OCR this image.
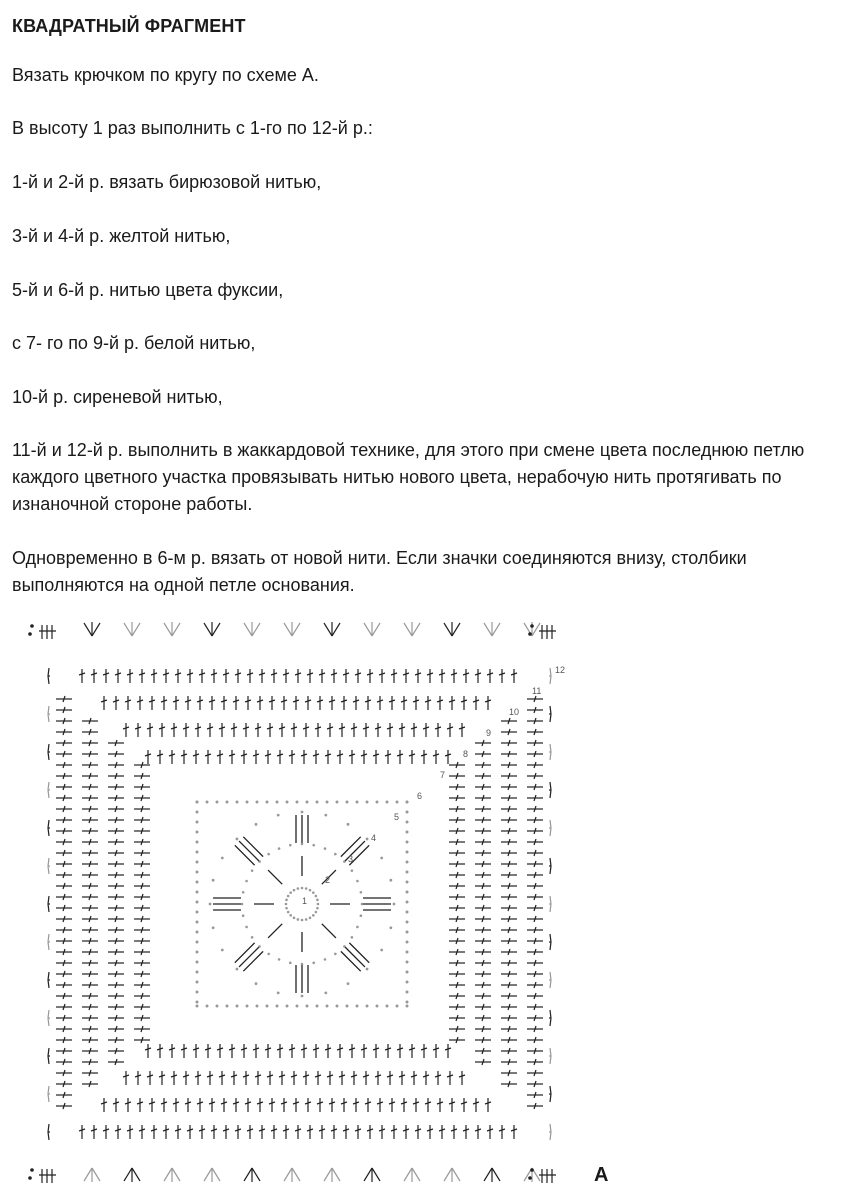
КВАДРАТНЫЙ ФРАГМЕНТ
Вязать крючком по кругу по схеме А.
В высоту 1 раз выполнить с 1-го по 12-й р.:
1-й и 2-й р. вязать бирюзовой нитью,
3-й и 4-й р. желтой нитью,
5-й и 6-й р. нитью цвета фуксии,
с 7- го по 9-й р. белой нитью,
10-й р. сиреневой нитью,
11-й и 12-й р. выполнить в жаккардовой технике, для этого при смене цвета последнюю петлю каждого цветного участка провязывать нитью нового цвета, нерабочую нить протягивать по изнаночной стороне работы.
Одновременно в 6-м р. вязать от новой нити. Если значки соединяются внизу, столбики выполняются на одной петле основания.
1
2
3
4
5
6
7
8
9
10
11
12
А
